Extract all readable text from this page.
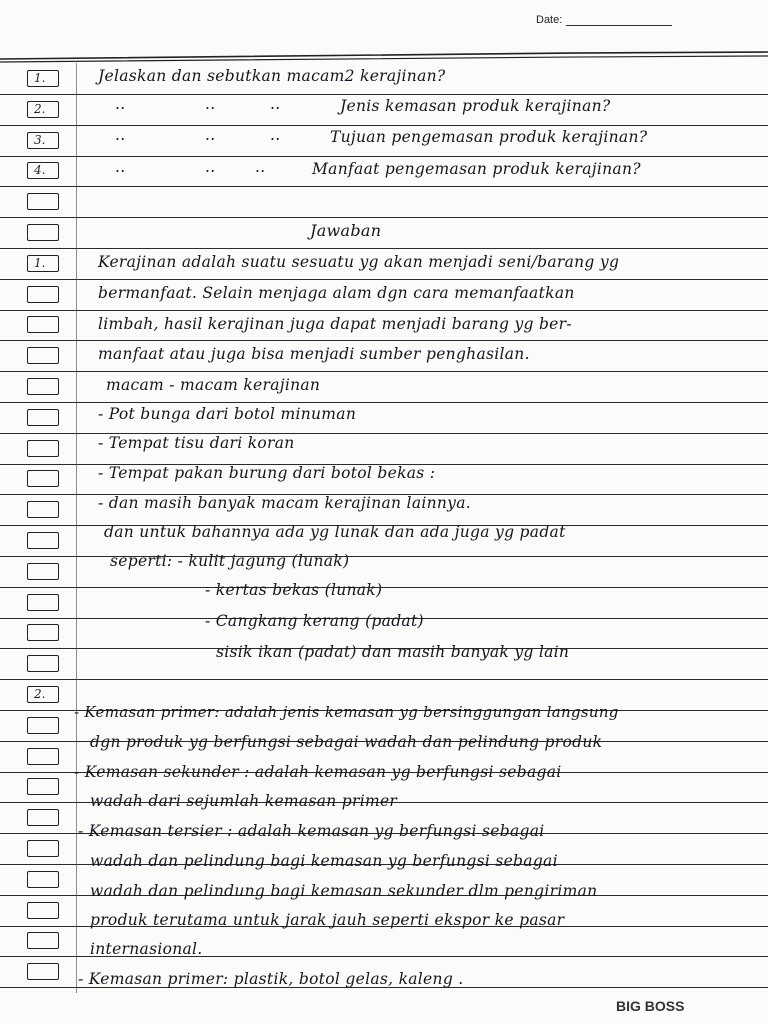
Date:
1.
2.
3.
4.
1.
2.
Jelaskan dan sebutkan macam2 kerajinan?
..	..	..	Jenis kemasan produk kerajinan?
..	..	..	Tujuan pengemasan produk kerajinan?
..	..	..	Manfaat pengemasan produk kerajinan?
Jawaban
Kerajinan adalah suatu sesuatu yg akan menjadi seni/barang yg
bermanfaat. Selain menjaga alam dgn cara memanfaatkan
limbah, hasil kerajinan juga dapat menjadi barang yg ber-
manfaat atau juga bisa menjadi sumber penghasilan.
macam - macam kerajinan
- Pot bunga dari botol minuman
- Tempat tisu dari koran
- Tempat pakan burung dari botol bekas :
- dan masih banyak macam kerajinan lainnya.
dan untuk bahannya ada yg lunak dan ada juga yg padat
seperti: - kulit jagung (lunak)
- kertas bekas (lunak)
- Cangkang kerang (padat)
sisik ikan (padat) dan masih banyak yg lain
- Kemasan primer: adalah jenis kemasan yg bersinggungan langsung
dgn produk yg berfungsi sebagai wadah dan pelindung produk
- Kemasan sekunder : adalah kemasan yg berfungsi sebagai
wadah dari sejumlah kemasan primer
- Kemasan tersier : adalah kemasan yg berfungsi sebagai
wadah dan pelindung bagi kemasan yg berfungsi sebagai
wadah dan pelindung bagi kemasan sekunder dlm pengiriman
produk terutama untuk jarak jauh seperti ekspor ke pasar
internasional.
- Kemasan primer: plastik, botol gelas, kaleng .
BIG BOSS
